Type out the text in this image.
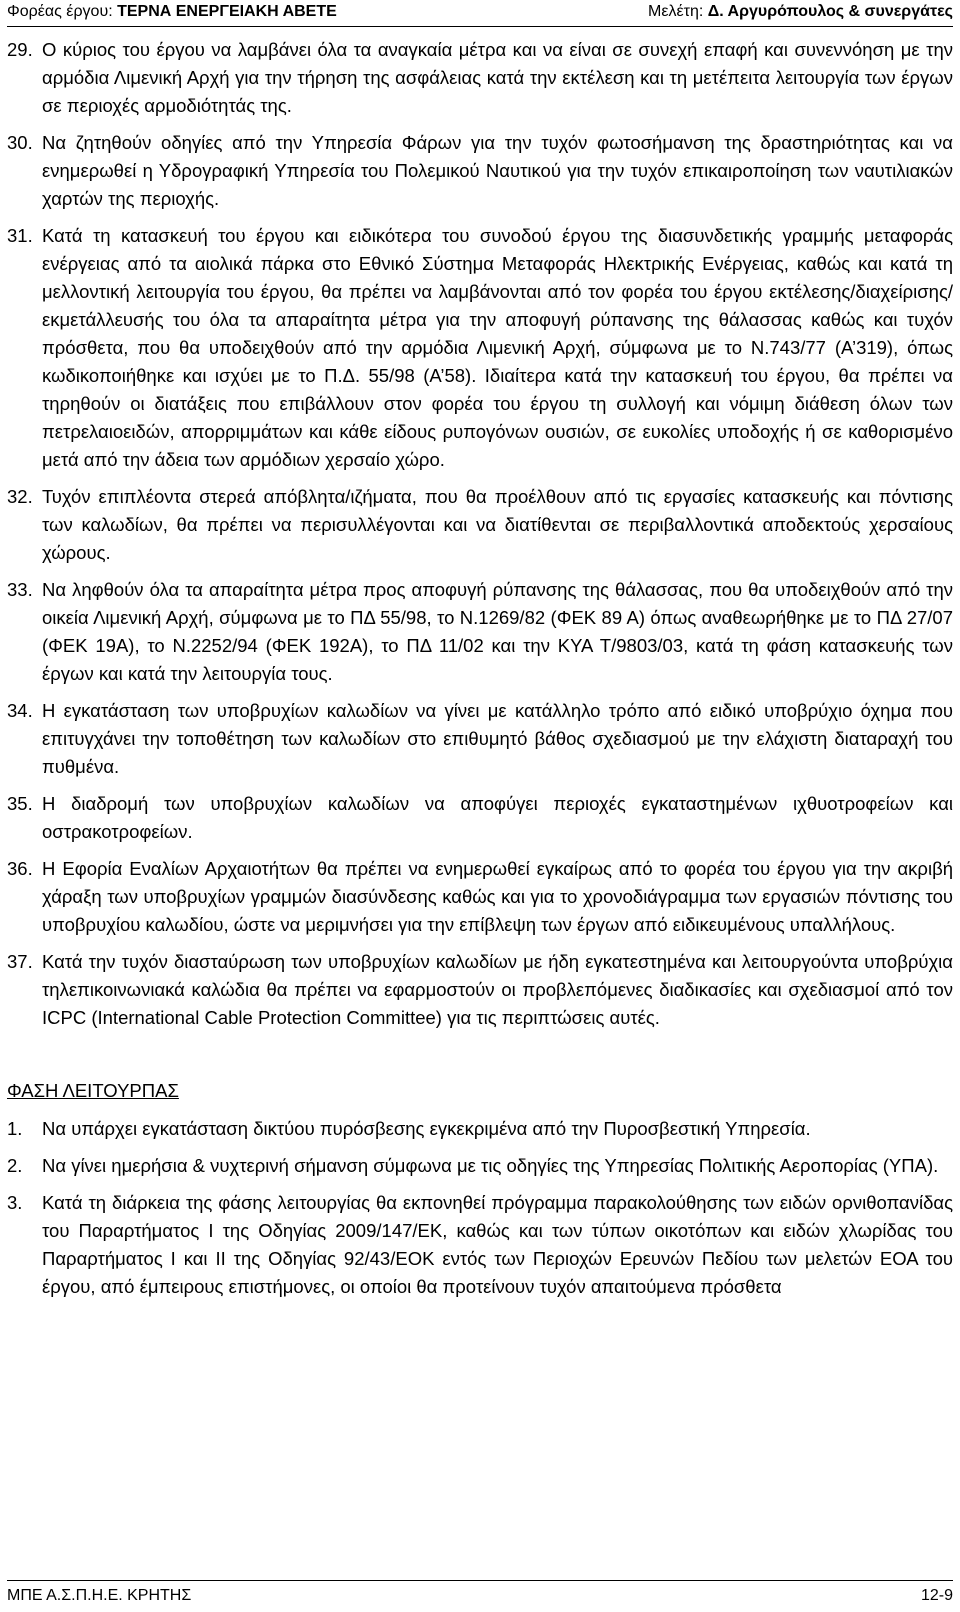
Φορέας έργου: ΤΕΡΝΑ ΕΝΕΡΓΕΙΑΚΗ ΑΒΕΤΕ	Μελέτη: Δ. Αργυρόπουλος & συνεργάτες
29. Ο κύριος του έργου να λαμβάνει όλα τα αναγκαία μέτρα και να είναι σε συνεχή επαφή και συνεννόηση με την αρμόδια Λιμενική Αρχή για την τήρηση της ασφάλειας κατά την εκτέλεση και τη μετέπειτα λειτουργία των έργων σε περιοχές αρμοδιότητάς της.
30. Να ζητηθούν οδηγίες από την Υπηρεσία Φάρων για την τυχόν φωτοσήμανση της δραστηριότητας και να ενημερωθεί η Υδρογραφική Υπηρεσία του Πολεμικού Ναυτικού για την τυχόν επικαιροποίηση των ναυτιλιακών χαρτών της περιοχής.
31. Κατά τη κατασκευή του έργου και ειδικότερα του συνοδού έργου της διασυνδετικής γραμμής μεταφοράς ενέργειας από τα αιολικά πάρκα στο Εθνικό Σύστημα Μεταφοράς Ηλεκτρικής Ενέργειας, καθώς και κατά τη μελλοντική λειτουργία του έργου, θα πρέπει να λαμβάνονται από τον φορέα του έργου εκτέλεσης/διαχείρισης/εκμετάλλευσής του όλα τα απαραίτητα μέτρα για την αποφυγή ρύπανσης της θάλασσας καθώς και τυχόν πρόσθετα, που θα υποδειχθούν από την αρμόδια Λιμενική Αρχή, σύμφωνα με το Ν.743/77 (Α’319), όπως κωδικοποιήθηκε και ισχύει με το Π.Δ. 55/98 (Α’58). Ιδιαίτερα κατά την κατασκευή του έργου, θα πρέπει να τηρηθούν οι διατάξεις που επιβάλλουν στον φορέα του έργου τη συλλογή και νόμιμη διάθεση όλων των πετρελαιοειδών, απορριμμάτων και κάθε είδους ρυπογόνων ουσιών, σε ευκολίες υποδοχής ή σε καθορισμένο μετά από την άδεια των αρμόδιων χερσαίο χώρο.
32. Τυχόν επιπλέοντα στερεά απόβλητα/ιζήματα, που θα προέλθουν από τις εργασίες κατασκευής και πόντισης των καλωδίων, θα πρέπει να περισυλλέγονται και να διατίθενται σε περιβαλλοντικά αποδεκτούς χερσαίους χώρους.
33. Να ληφθούν όλα τα απαραίτητα μέτρα προς αποφυγή ρύπανσης της θάλασσας, που θα υποδειχθούν από την οικεία Λιμενική Αρχή, σύμφωνα με το ΠΔ 55/98, το Ν.1269/82 (ΦΕΚ 89 Α) όπως αναθεωρήθηκε με το ΠΔ 27/07 (ΦΕΚ 19Α), το Ν.2252/94 (ΦΕΚ 192Α), το ΠΔ 11/02 και την ΚΥΑ Τ/9803/03, κατά τη φάση κατασκευής των έργων και κατά την λειτουργία τους.
34. Η εγκατάσταση των υποβρυχίων καλωδίων να γίνει με κατάλληλο τρόπο από ειδικό υποβρύχιο όχημα που επιτυγχάνει την τοποθέτηση των καλωδίων στο επιθυμητό βάθος σχεδιασμού με την ελάχιστη διαταραχή του πυθμένα.
35. Η διαδρομή των υποβρυχίων καλωδίων να αποφύγει περιοχές εγκαταστημένων ιχθυοτροφείων και οστρακοτροφείων.
36. Η Εφορία Εναλίων Αρχαιοτήτων θα πρέπει να ενημερωθεί εγκαίρως από το φορέα του έργου για την ακριβή χάραξη των υποβρυχίων γραμμών διασύνδεσης καθώς και για το χρονοδιάγραμμα των εργασιών πόντισης του υποβρυχίου καλωδίου, ώστε να μεριμνήσει για την επίβλεψη των έργων από ειδικευμένους υπαλλήλους.
37. Κατά την τυχόν διασταύρωση των υποβρυχίων καλωδίων με ήδη εγκατεστημένα και λειτουργούντα υποβρύχια τηλεπικοινωνιακά καλώδια θα πρέπει να εφαρμοστούν οι προβλεπόμενες διαδικασίες και σχεδιασμοί από τον ICPC (International Cable Protection Committee) για τις περιπτώσεις αυτές.
ΦΑΣΗ ΛΕΙΤΟΥΡΠΑΣ
1. Να υπάρχει εγκατάσταση δικτύου πυρόσβεσης εγκεκριμένα από την Πυροσβεστική Υπηρεσία.
2. Να γίνει ημερήσια & νυχτερινή σήμανση σύμφωνα με τις οδηγίες της Υπηρεσίας Πολιτικής Αεροπορίας (ΥΠΑ).
3. Κατά τη διάρκεια της φάσης λειτουργίας θα εκπονηθεί πρόγραμμα παρακολούθησης των ειδών ορνιθοπανίδας του Παραρτήματος Ι της Οδηγίας 2009/147/ΕΚ, καθώς και των τύπων οικοτόπων και ειδών χλωρίδας του Παραρτήματος Ι και ΙΙ της Οδηγίας 92/43/ΕΟΚ εντός των Περιοχών Ερευνών Πεδίου των μελετών ΕΟΑ του έργου, από έμπειρους επιστήμονες, οι οποίοι θα προτείνουν τυχόν απαιτούμενα πρόσθετα
ΜΠΕ Α.Σ.Π.Η.Ε. ΚΡΗΤΗΣ	12-9
